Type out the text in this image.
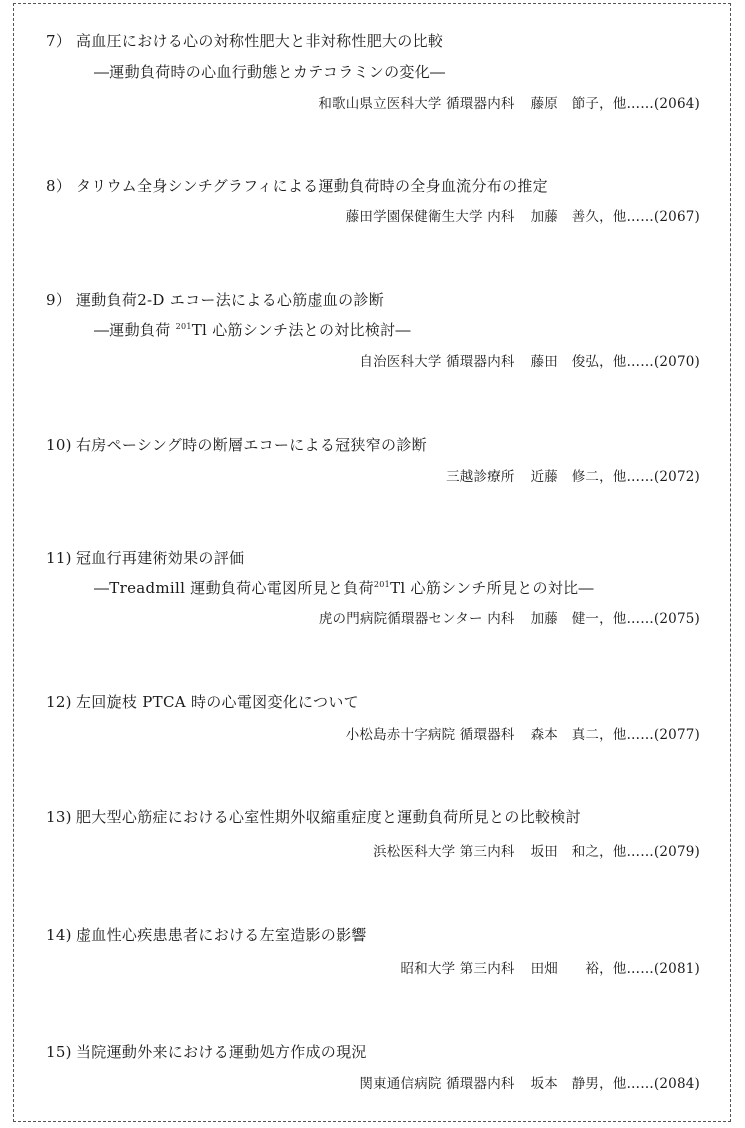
7） 高血圧における心の対称性肥大と非対称性肥大の比較
―運動負荷時の心血行動態とカテコラミンの変化―
和歌山県立医科大学 循環器内科 藤原　節子，他……(2064)
8） タリウム全身シンチグラフィによる運動負荷時の全身血流分布の推定
藤田学園保健衛生大学 内科 加藤　善久，他……(2067)
9） 運動負荷2-D エコー法による心筋虚血の診断
―運動負荷 $^{201}$Tl 心筋シンチ法との対比検討―
自治医科大学 循環器内科 藤田　俊弘，他……(2070)
10) 右房ペーシング時の断層エコーによる冠狭窄の診断
三越診療所 近藤　修二，他……(2072)
11) 冠血行再建術効果の評価
―Treadmill 運動負荷心電図所見と負荷$^{201}$Tl 心筋シンチ所見との対比―
虎の門病院循環器センター 内科 加藤　健一，他……(2075)
12) 左回旋枝 PTCA 時の心電図変化について
小松島赤十字病院 循環器科 森本　真二，他……(2077)
13) 肥大型心筋症における心室性期外収縮重症度と運動負荷所見との比較検討
浜松医科大学 第三内科 坂田　和之，他……(2079)
14) 虚血性心疾患患者における左室造影の影響
昭和大学 第三内科 田畑　　裕，他……(2081)
15) 当院運動外来における運動処方作成の現況
関東通信病院 循環器内科 坂本　静男，他……(2084)
